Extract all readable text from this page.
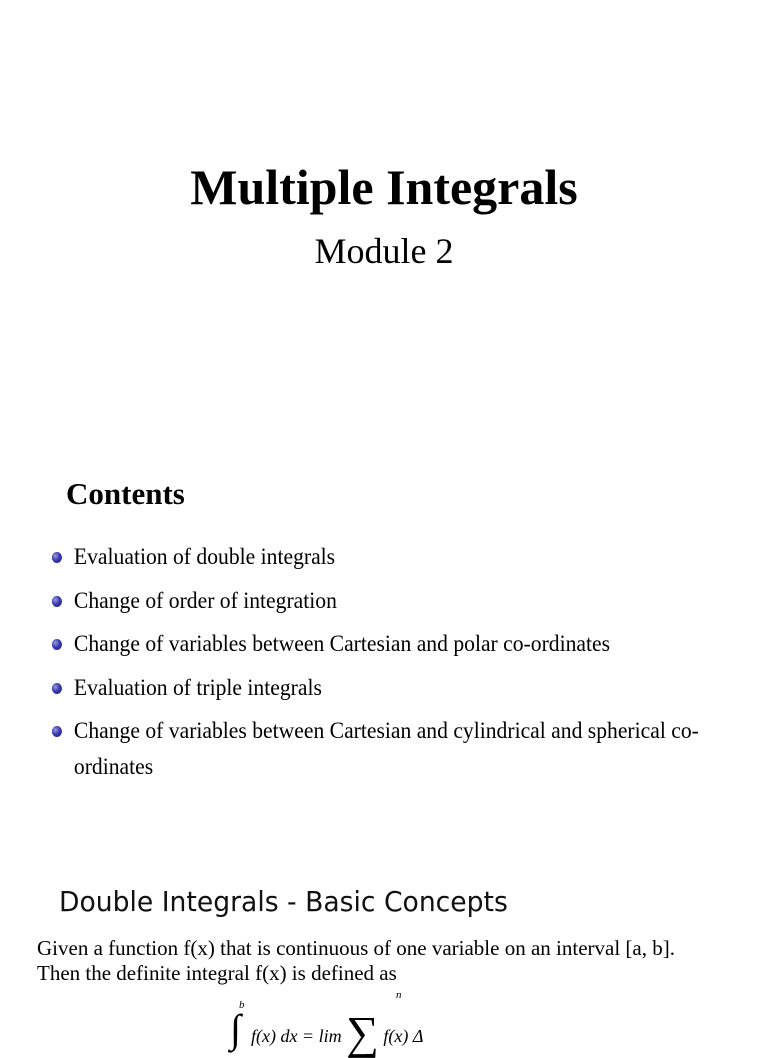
Multiple Integrals
Module 2
Contents
Evaluation of double integrals
Change of order of integration
Change of variables between Cartesian and polar co-ordinates
Evaluation of triple integrals
Change of variables between Cartesian and cylindrical and spherical co-ordinates
Double Integrals - Basic Concepts
Given a function f(x) that is continuous of one variable on an interval [a, b].
Then the definite integral f(x) is defined as
∫$^b$ f(x) dx = lim ∑
n
f(x) Δ
